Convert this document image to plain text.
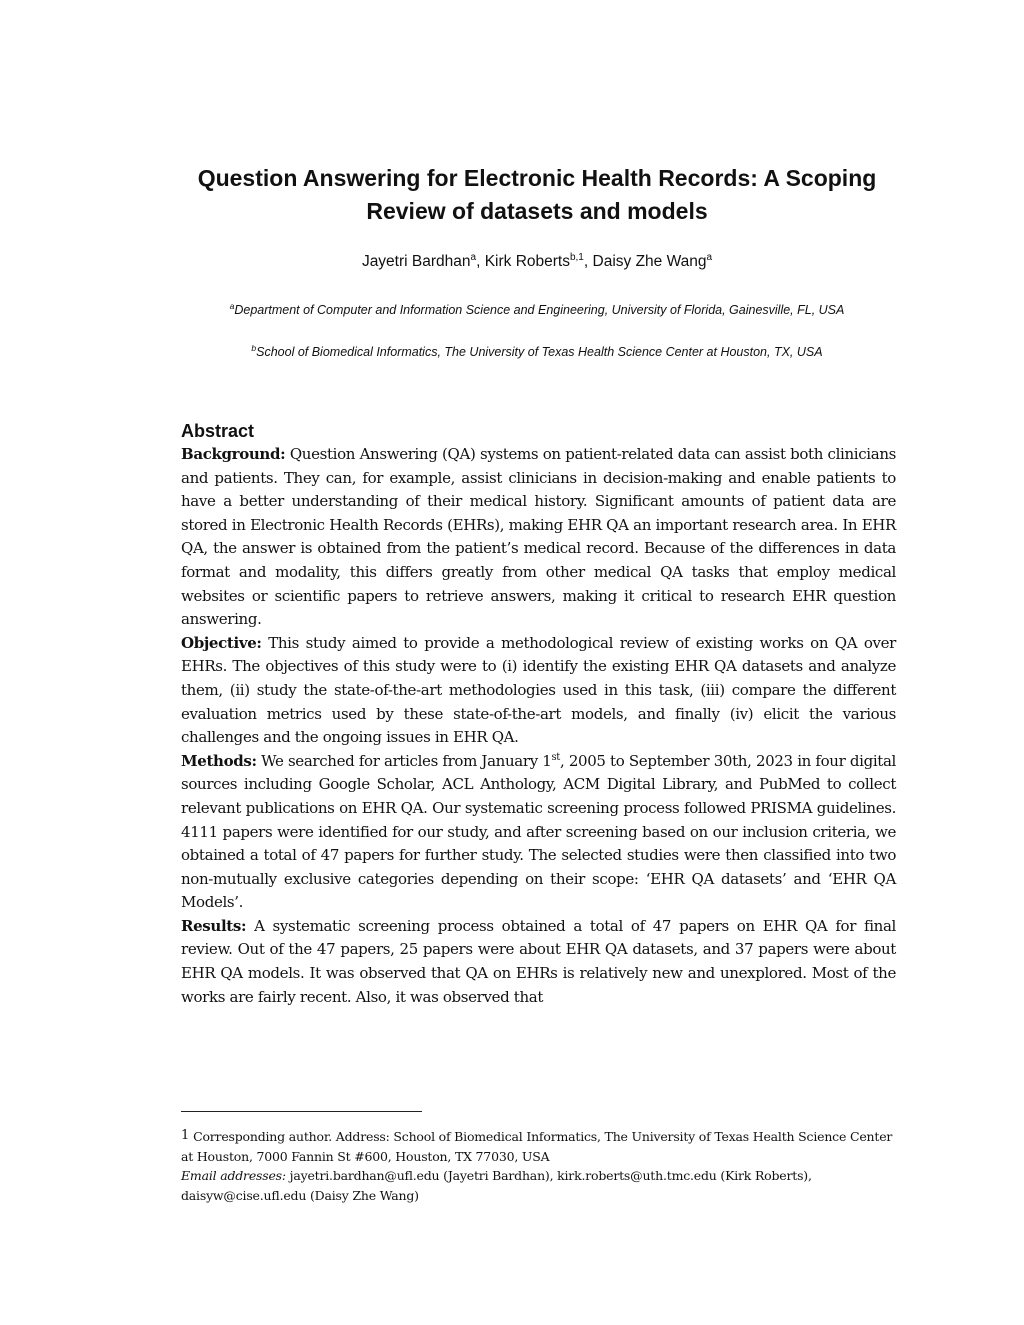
Question Answering for Electronic Health Records: A Scoping Review of datasets and models

Jayetri Bardhan$^a$, Kirk Roberts$^{b,1}$, Daisy Zhe Wang$^a$

$^a$Department of Computer and Information Science and Engineering, University of Florida, Gainesville, FL, USA

$^b$School of Biomedical Informatics, The University of Texas Health Science Center at Houston, TX, USA

Abstract

Background: Question Answering (QA) systems on patient-related data can assist both clinicians and patients. They can, for example, assist clinicians in decision-making and enable patients to have a better understanding of their medical history. Significant amounts of patient data are stored in Electronic Health Records (EHRs), making EHR QA an important research area. In EHR QA, the answer is obtained from the patient’s medical record. Because of the differences in data format and modality, this differs greatly from other medical QA tasks that employ medical websites or scientific papers to retrieve answers, making it critical to research EHR question answering.

Objective: This study aimed to provide a methodological review of existing works on QA over EHRs. The objectives of this study were to (i) identify the existing EHR QA datasets and analyze them, (ii) study the state-of-the-art methodologies used in this task, (iii) compare the different evaluation metrics used by these state-of-the-art models, and finally (iv) elicit the various challenges and the ongoing issues in EHR QA.

Methods: We searched for articles from January 1st, 2005 to September 30th, 2023 in four digital sources including Google Scholar, ACL Anthology, ACM Digital Library, and PubMed to collect relevant publications on EHR QA. Our systematic screening process followed PRISMA guidelines. 4111 papers were identified for our study, and after screening based on our inclusion criteria, we obtained a total of 47 papers for further study. The selected studies were then classified into two non-mutually exclusive categories depending on their scope: ‘EHR QA datasets’ and ‘EHR QA Models’.

Results: A systematic screening process obtained a total of 47 papers on EHR QA for final review. Out of the 47 papers, 25 papers were about EHR QA datasets, and 37 papers were about EHR QA models. It was observed that QA on EHRs is relatively new and unexplored. Most of the works are fairly recent. Also, it was observed that

1 Corresponding author. Address: School of Biomedical Informatics, The University of Texas Health Science Center at Houston, 7000 Fannin St #600, Houston, TX 77030, USA
Email addresses: jayetri.bardhan@ufl.edu (Jayetri Bardhan), kirk.roberts@uth.tmc.edu (Kirk Roberts), daisyw@cise.ufl.edu (Daisy Zhe Wang)
